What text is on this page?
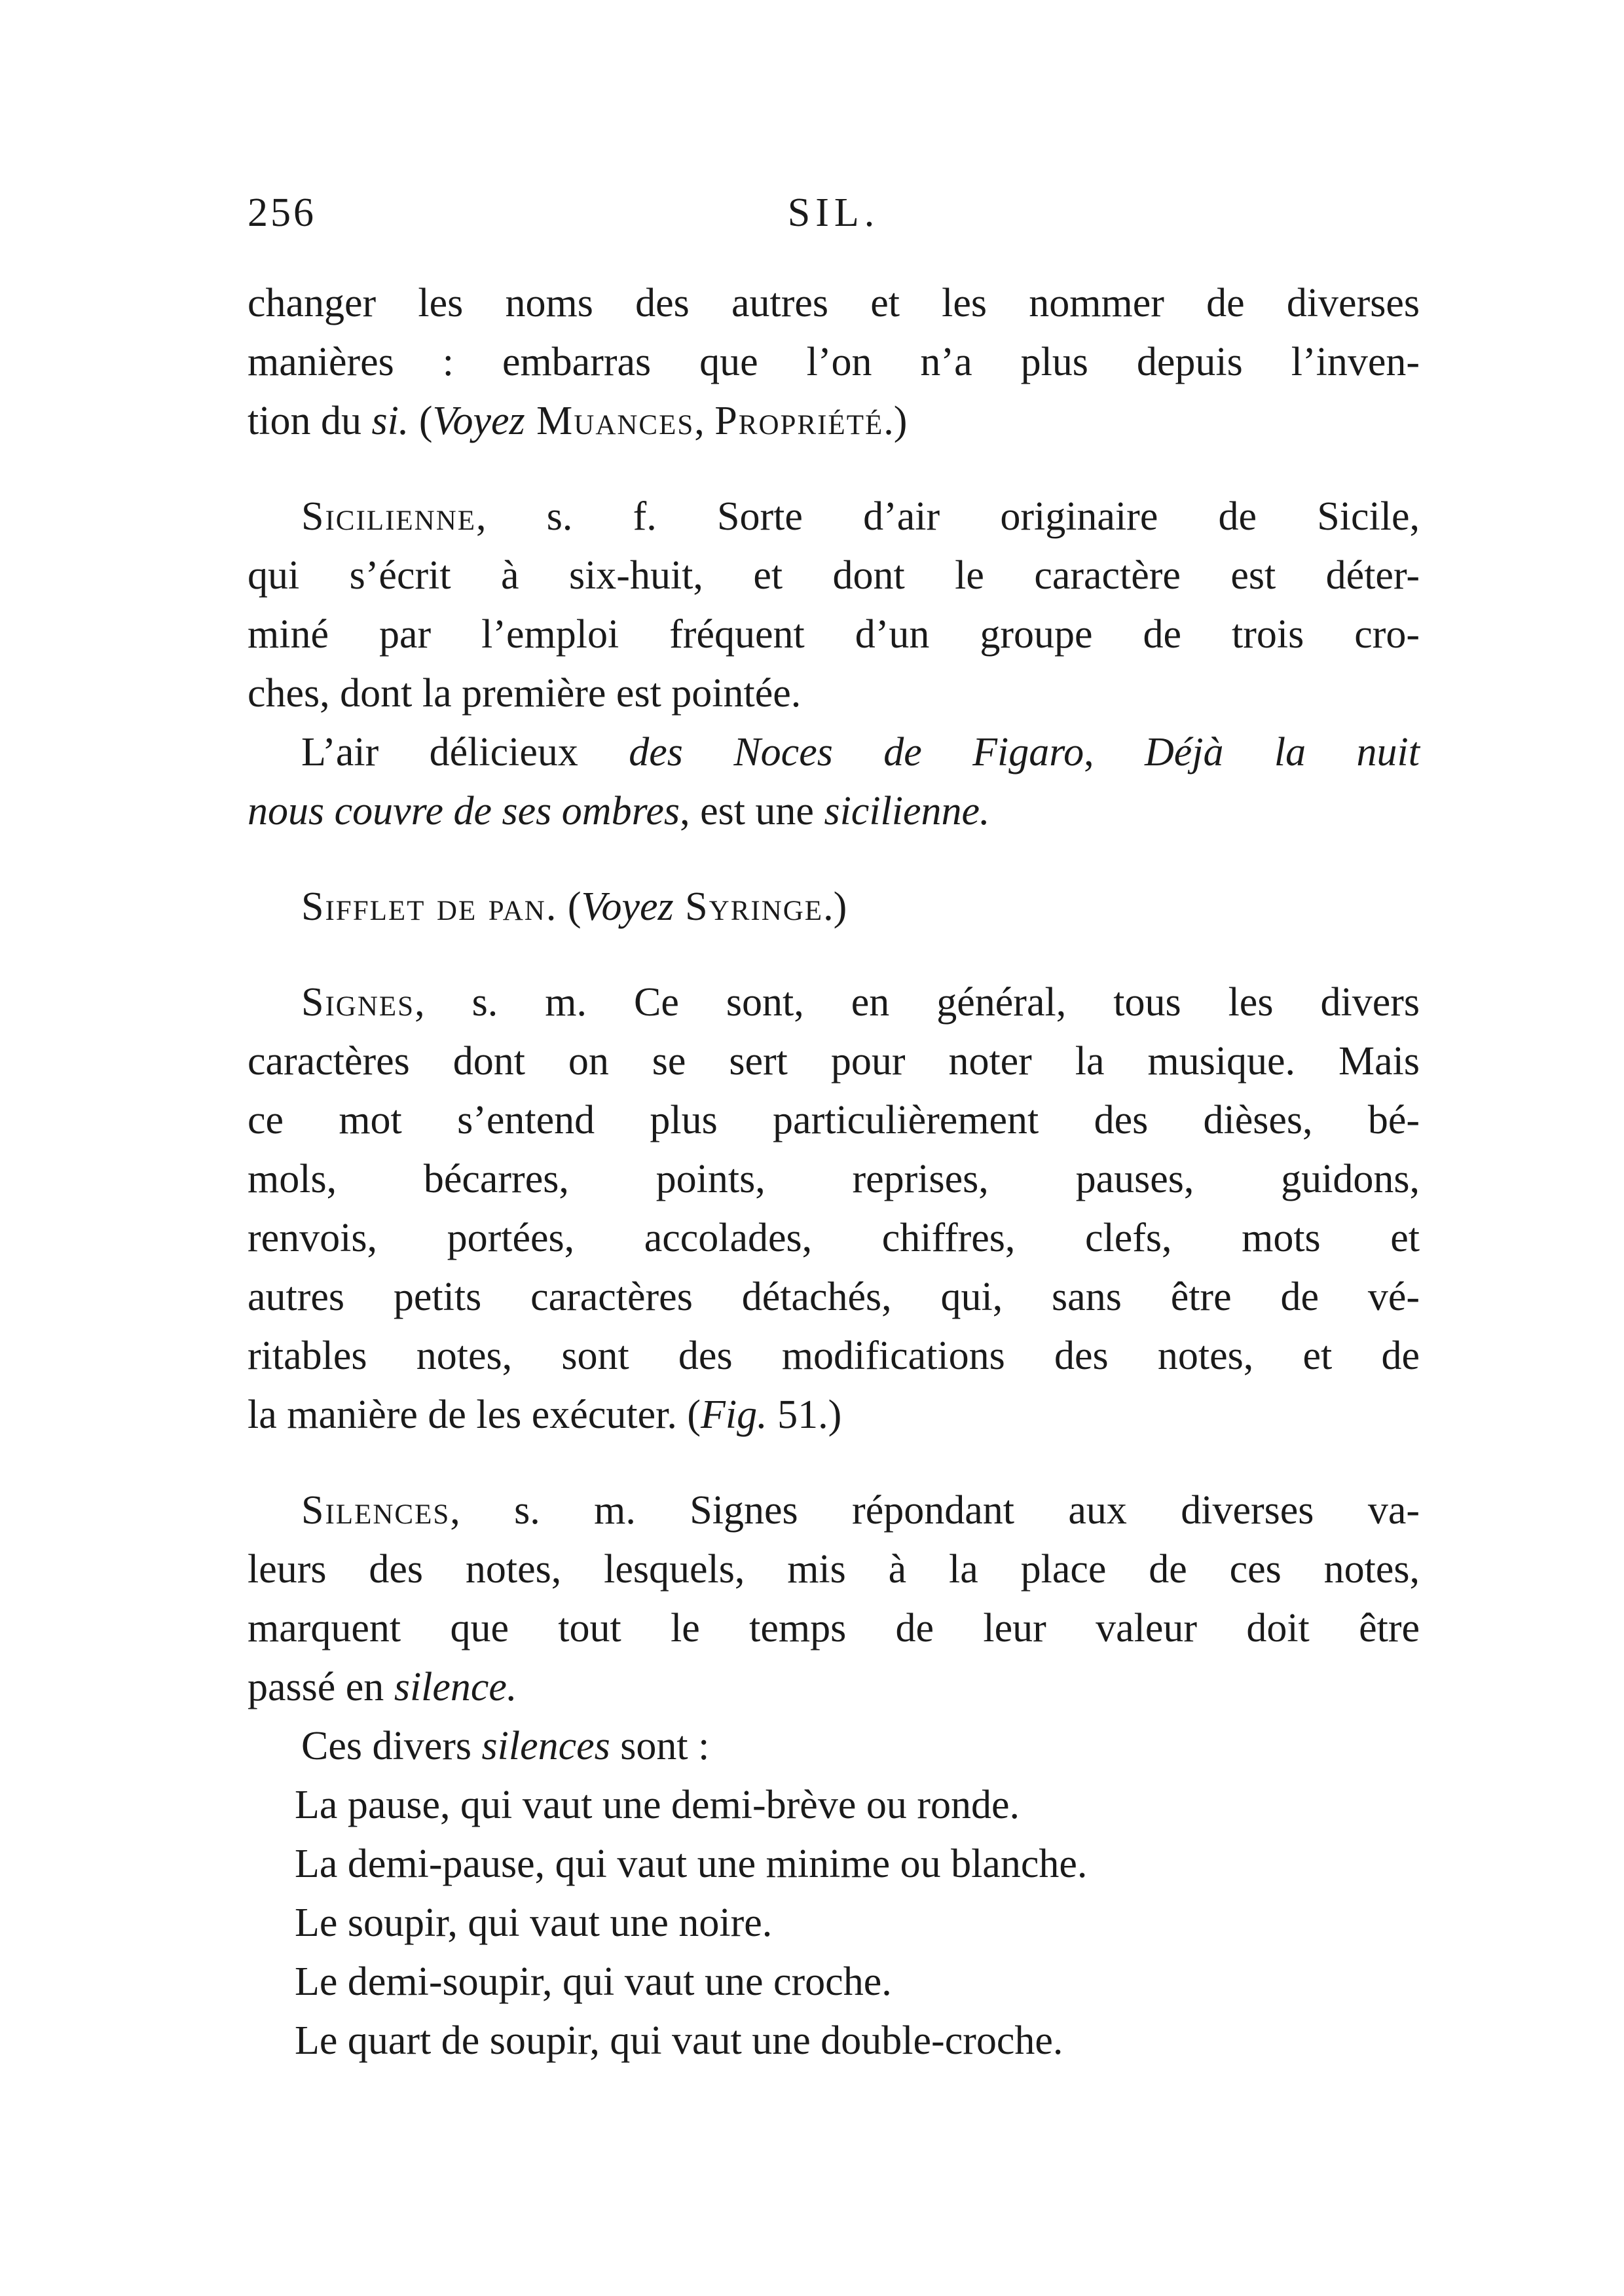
256	SIL.
changer les noms des autres et les nommer de diverses
manières : embarras que l’on n’a plus depuis l’inven-
tion du si. (Voyez Muances, Propriété.)
Sicilienne, s. f. Sorte d’air originaire de Sicile,
qui s’écrit à six-huit, et dont le caractère est déter-
miné par l’emploi fréquent d’un groupe de trois cro-
ches, dont la première est pointée.
L’air délicieux des Noces de Figaro, Déjà la nuit
nous couvre de ses ombres, est une sicilienne.
Sifflet de pan. (Voyez Syringe.)
Signes, s. m. Ce sont, en général, tous les divers
caractères dont on se sert pour noter la musique. Mais
ce mot s’entend plus particulièrement des dièses, bé-
mols, bécarres, points, reprises, pauses, guidons,
renvois, portées, accolades, chiffres, clefs, mots et
autres petits caractères détachés, qui, sans être de vé-
ritables notes, sont des modifications des notes, et de
la manière de les exécuter. (Fig. 51.)
Silences, s. m. Signes répondant aux diverses va-
leurs des notes, lesquels, mis à la place de ces notes,
marquent que tout le temps de leur valeur doit être
passé en silence.
Ces divers silences sont :
La pause, qui vaut une demi-brève ou ronde.
La demi-pause, qui vaut une minime ou blanche.
Le soupir, qui vaut une noire.
Le demi-soupir, qui vaut une croche.
Le quart de soupir, qui vaut une double-croche.
